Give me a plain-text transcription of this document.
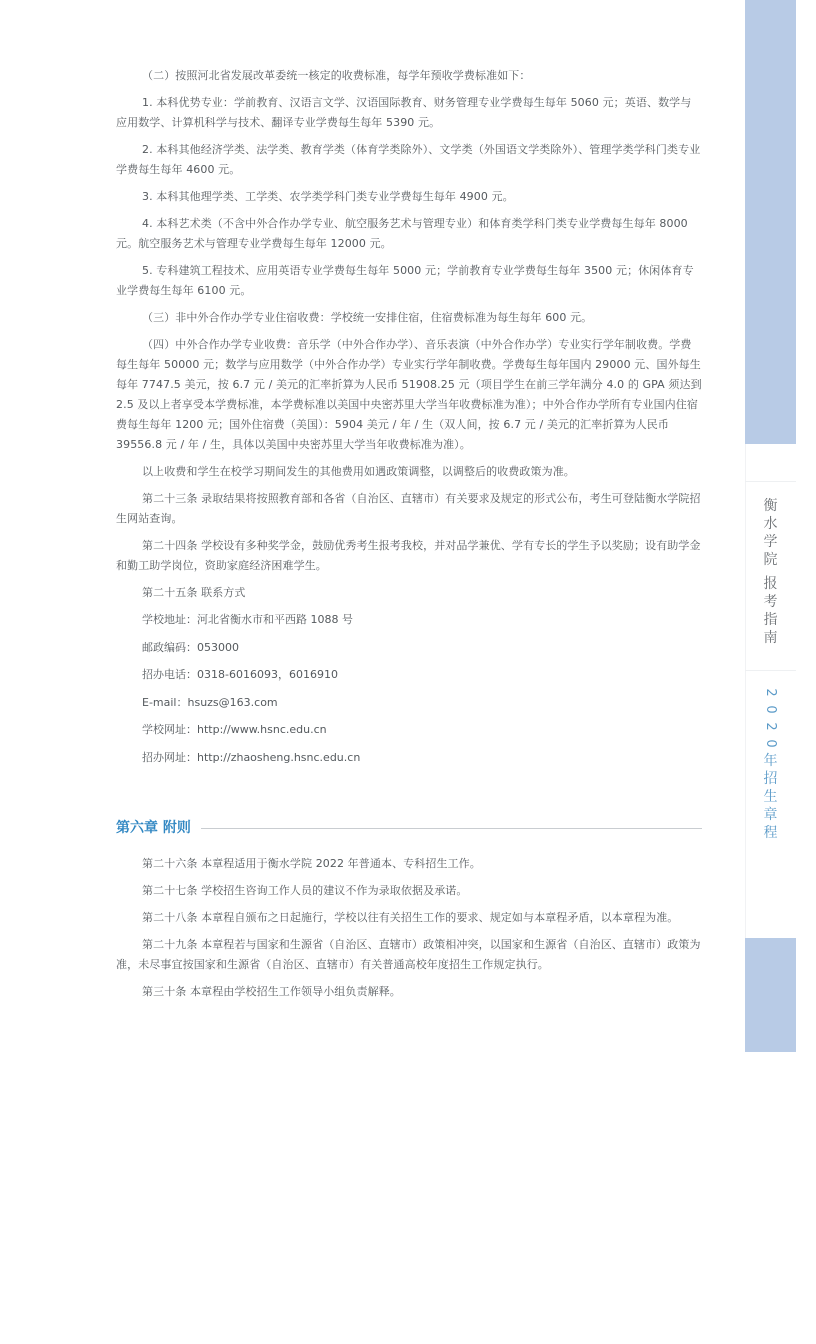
（二）按照河北省发展改革委统一核定的收费标准，每学年预收学费标准如下：

1. 本科优势专业：学前教育、汉语言文学、汉语国际教育、财务管理专业学费每生每年 5060 元；英语、数学与应用数学、计算机科学与技术、翻译专业学费每生每年 5390 元。

2. 本科其他经济学类、法学类、教育学类（体育学类除外）、文学类（外国语文学类除外）、管理学类学科门类专业学费每生每年 4600 元。

3. 本科其他理学类、工学类、农学类学科门类专业学费每生每年 4900 元。

4. 本科艺术类（不含中外合作办学专业、航空服务艺术与管理专业）和体育类学科门类专业学费每生每年 8000 元。航空服务艺术与管理专业学费每生每年 12000 元。

5. 专科建筑工程技术、应用英语专业学费每生每年 5000 元；学前教育专业学费每生每年 3500 元；休闲体育专业学费每生每年 6100 元。

（三）非中外合作办学专业住宿收费：学校统一安排住宿，住宿费标准为每生每年 600 元。

（四）中外合作办学专业收费：音乐学（中外合作办学）、音乐表演（中外合作办学）专业实行学年制收费。学费每生每年 50000 元；数学与应用数学（中外合作办学）专业实行学年制收费。学费每生每年国内 29000 元、国外每生每年 7747.5 美元，按 6.7 元 / 美元的汇率折算为人民币 51908.25 元（项目学生在前三学年满分 4.0 的 GPA 须达到 2.5 及以上者享受本学费标准，本学费标准以美国中央密苏里大学当年收费标准为准）；中外合作办学所有专业国内住宿费每生每年 1200 元；国外住宿费（美国）：5904 美元 / 年 / 生（双人间，按 6.7 元 / 美元的汇率折算为人民币 39556.8 元 / 年 / 生，具体以美国中央密苏里大学当年收费标准为准）。

以上收费和学生在校学习期间发生的其他费用如遇政策调整，以调整后的收费政策为准。

第二十三条 录取结果将按照教育部和各省（自治区、直辖市）有关要求及规定的形式公布，考生可登陆衡水学院招生网站查询。

第二十四条 学校设有多种奖学金，鼓励优秀考生报考我校，并对品学兼优、学有专长的学生予以奖励；设有助学金和勤工助学岗位，资助家庭经济困难学生。

第二十五条 联系方式

学校地址：河北省衡水市和平西路 1088 号

邮政编码：053000

招办电话：0318-6016093，6016910

E-mail：hsuzs@163.com

学校网址：http://www.hsnc.edu.cn

招办网址：http://zhaosheng.hsnc.edu.cn

第六章 附则

第二十六条 本章程适用于衡水学院 2022 年普通本、专科招生工作。

第二十七条 学校招生咨询工作人员的建议不作为录取依据及承诺。

第二十八条 本章程自颁布之日起施行，学校以往有关招生工作的要求、规定如与本章程矛盾，以本章程为准。

第二十九条 本章程若与国家和生源省（自治区、直辖市）政策相冲突，以国家和生源省（自治区、直辖市）政策为准，未尽事宜按国家和生源省（自治区、直辖市）有关普通高校年度招生工作规定执行。

第三十条 本章程由学校招生工作领导小组负责解释。

衡
水
学
院
报
考
指
南
2
0
2
0
年
招
生
章
程
